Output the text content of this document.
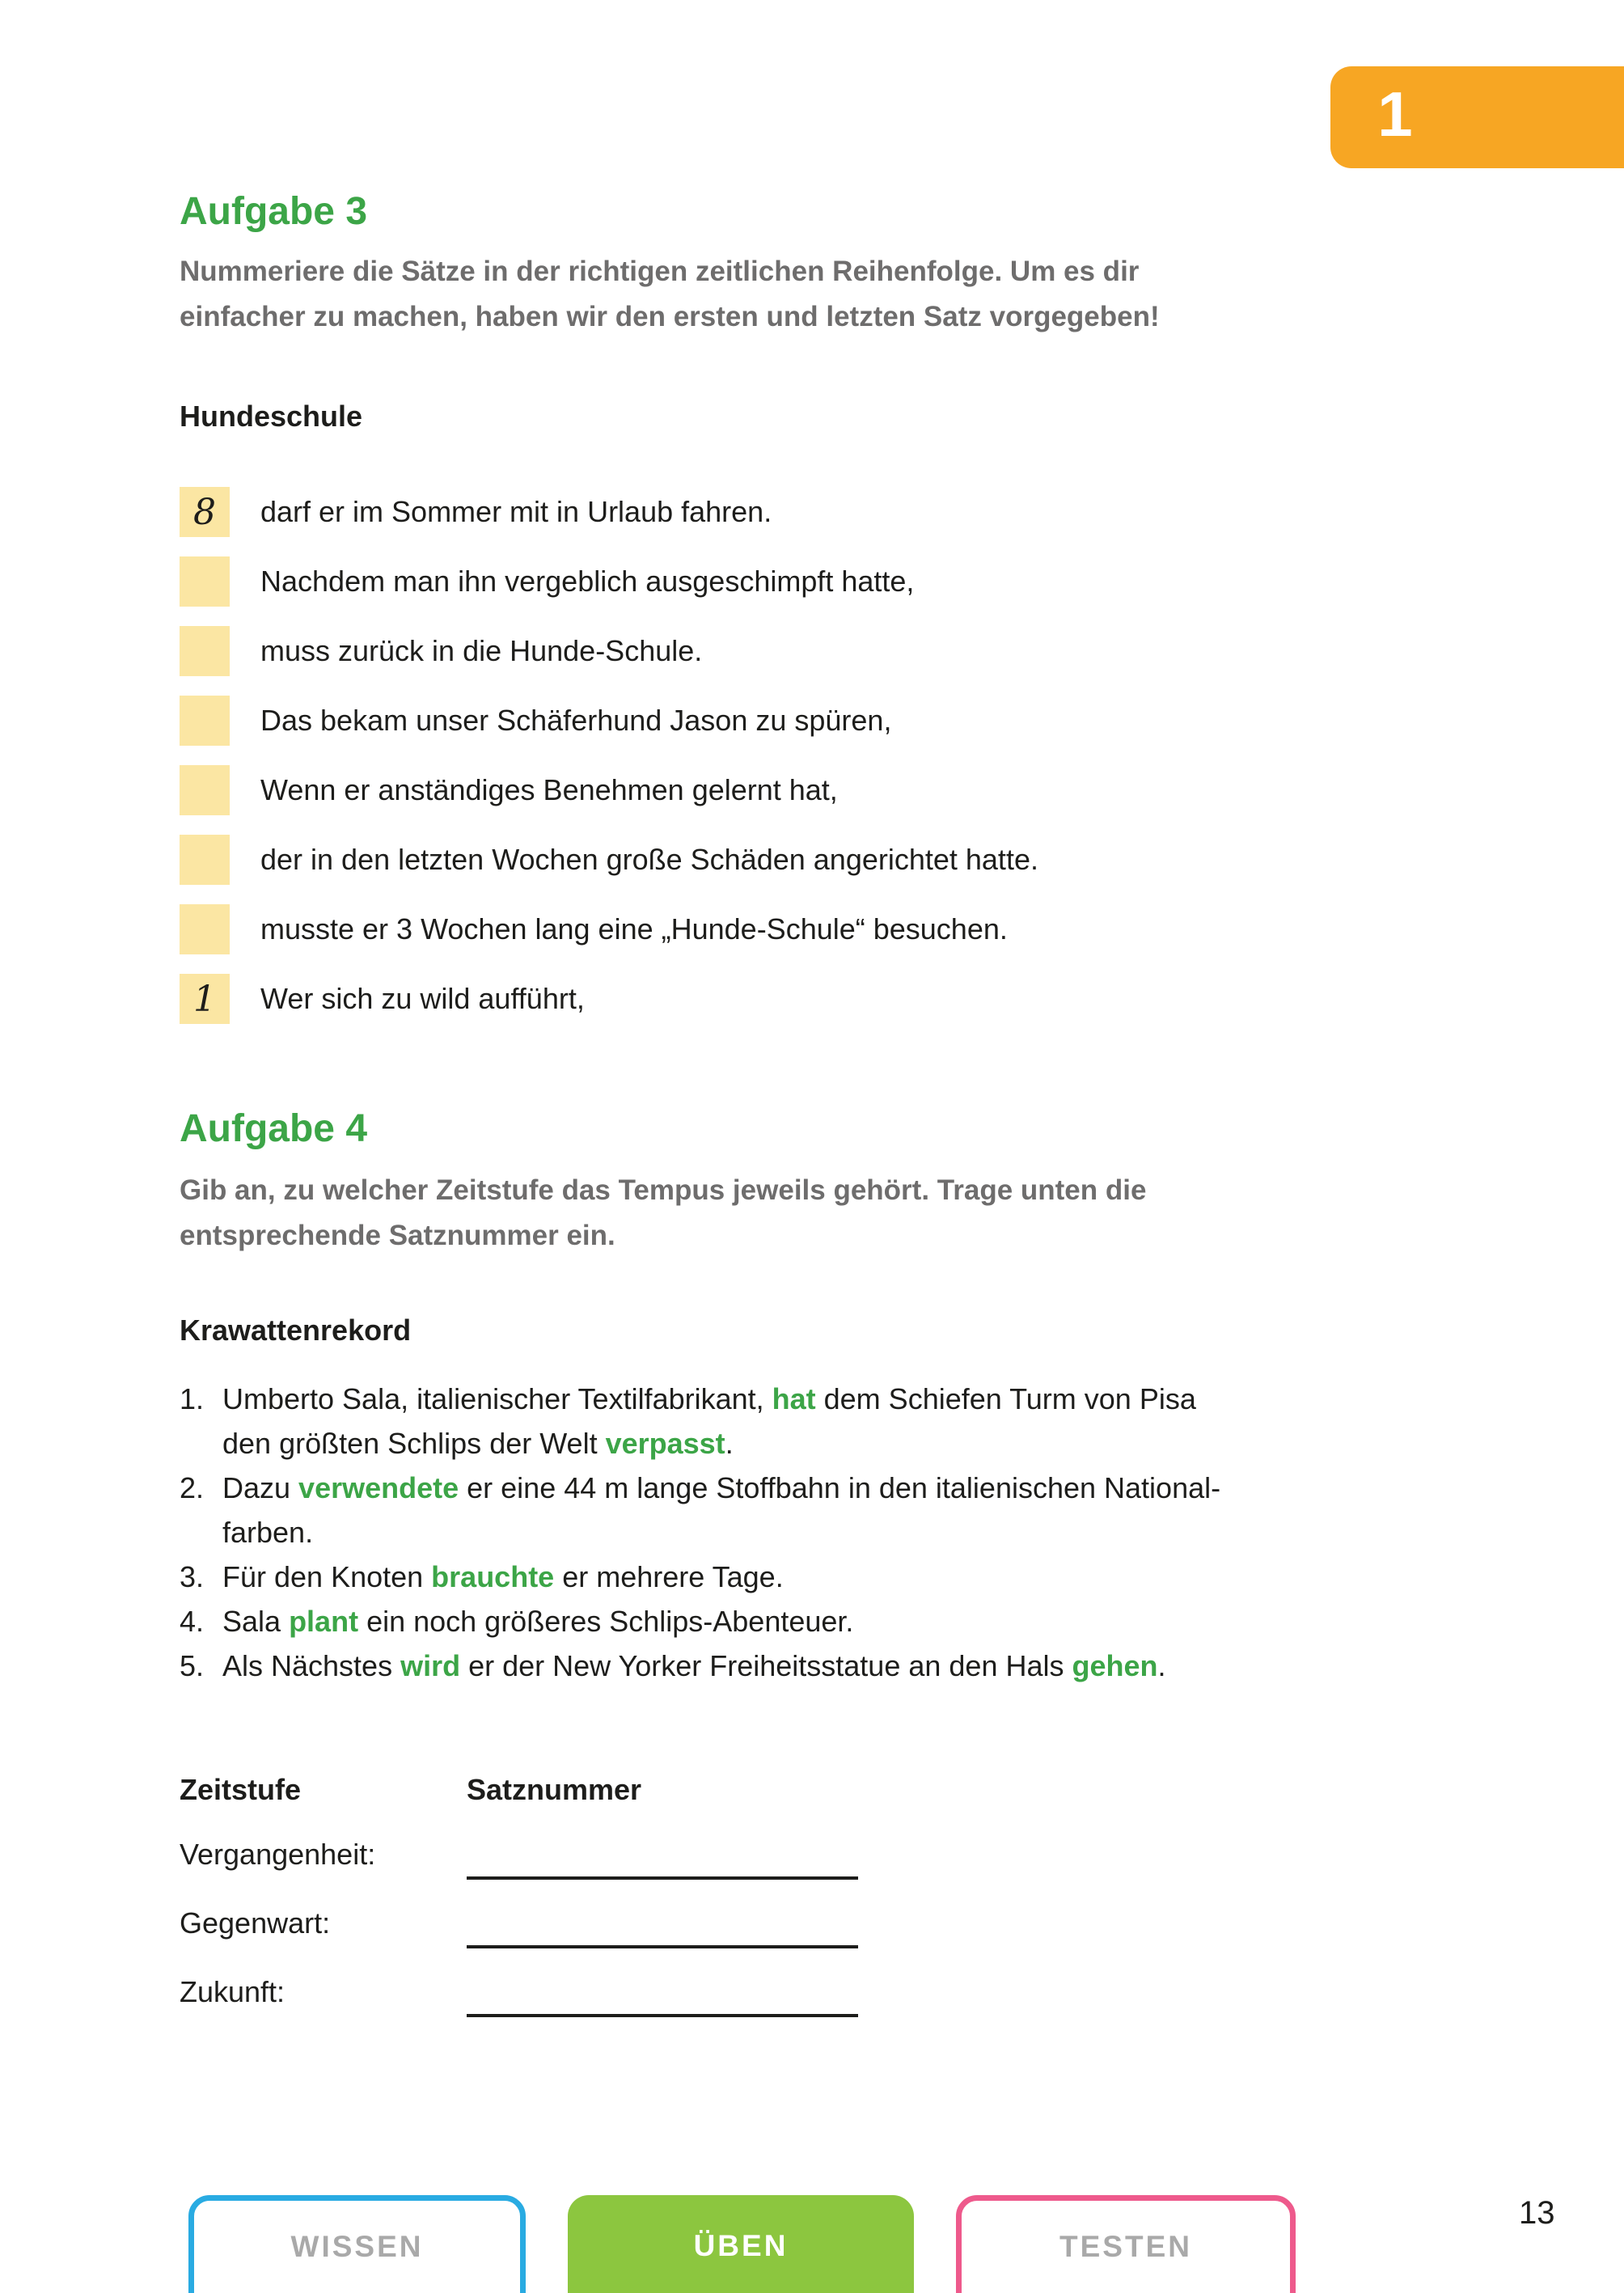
1
Aufgabe 3
Nummeriere die Sätze in der richtigen zeitlichen Reihenfolge. Um es dir
einfacher zu machen, haben wir den ersten und letzten Satz vorgegeben!
Hundeschule
8	darf er im Sommer mit in Urlaub fahren.
Nachdem man ihn vergeblich ausgeschimpft hatte,
muss zurück in die Hunde-Schule.
Das bekam unser Schäferhund Jason zu spüren,
Wenn er anständiges Benehmen gelernt hat,
der in den letzten Wochen große Schäden angerichtet hatte.
musste er 3 Wochen lang eine „Hunde-Schule“ besuchen.
1	Wer sich zu wild aufführt,
Aufgabe 4
Gib an, zu welcher Zeitstufe das Tempus jeweils gehört. Trage unten die
entsprechende Satznummer ein.
Krawattenrekord
1. Umberto Sala, italienischer Textilfabrikant, hat dem Schiefen Turm von Pisa
den größten Schlips der Welt verpasst.
2. Dazu verwendete er eine 44 m lange Stoffbahn in den italienischen National-
farben.
3. Für den Knoten brauchte er mehrere Tage.
4. Sala plant ein noch größeres Schlips-Abenteuer.
5. Als Nächstes wird er der New Yorker Freiheitsstatue an den Hals gehen.
Zeitstufe	Satznummer
Vergangenheit:
Gegenwart:
Zukunft:
WISSEN	ÜBEN	TESTEN
13
